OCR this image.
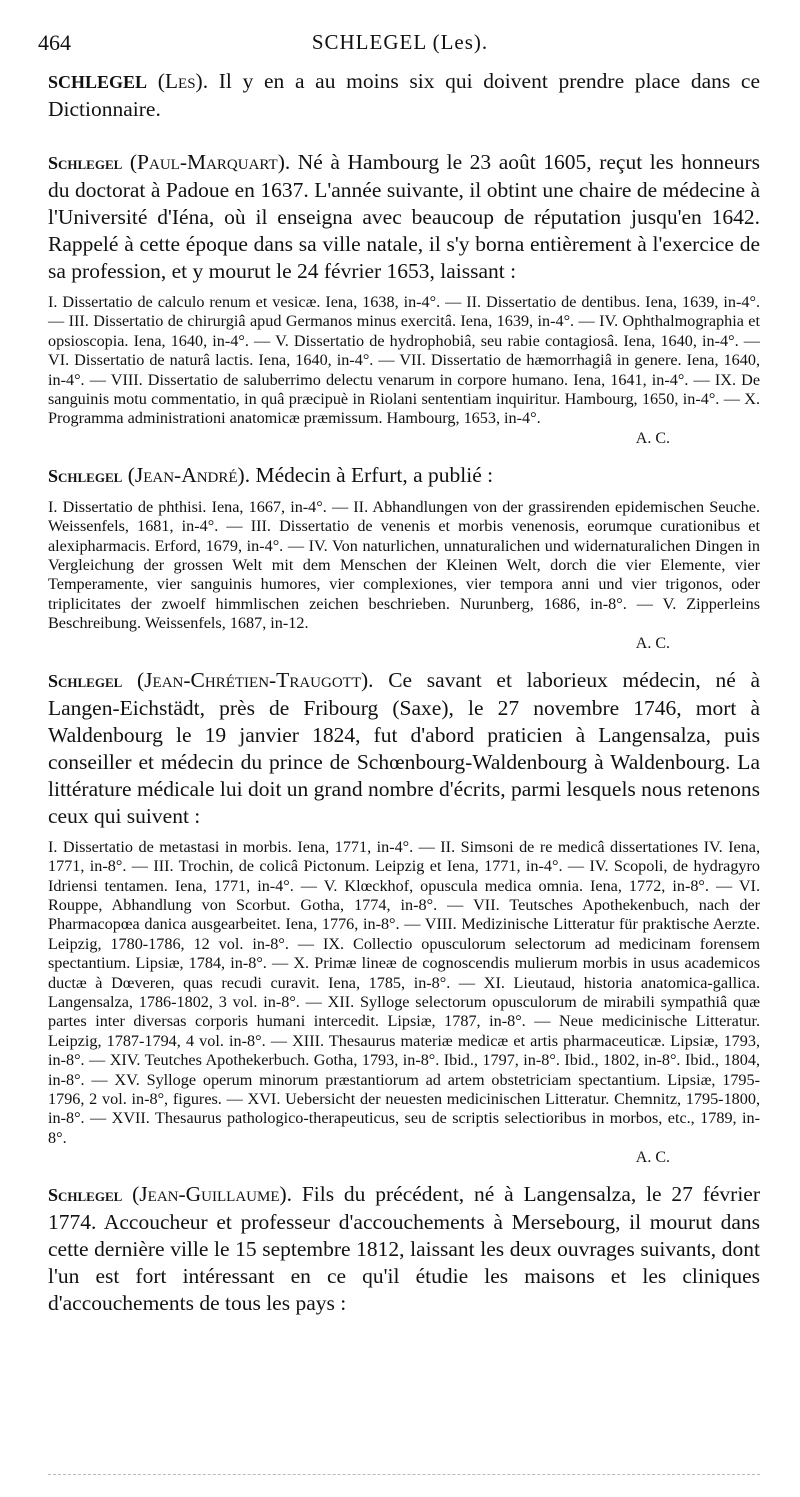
464	SCHLEGEL (Les).

SCHLEGEL (Les). Il y en a au moins six qui doivent prendre place dans ce Dictionnaire.

Schlegel (Paul-Marquart). Né à Hambourg le 23 août 1605, reçut les honneurs du doctorat à Padoue en 1637. L'année suivante, il obtint une chaire de médecine à l'Université d'Iéna, où il enseigna avec beaucoup de réputation jusqu'en 1642. Rappelé à cette époque dans sa ville natale, il s'y borna entièrement à l'exercice de sa profession, et y mourut le 24 février 1653, laissant :

I. Dissertatio de calculo renum et vesicæ. Iena, 1638, in-4°. — II. Dissertatio de dentibus. Iena, 1639, in-4°. — III. Dissertatio de chirurgiâ apud Germanos minus exercitâ. Iena, 1639, in-4°. — IV. Ophthalmographia et opsioscopia. Iena, 1640, in-4°. — V. Dissertatio de hydrophobiâ, seu rabie contagiosâ. Iena, 1640, in-4°. — VI. Dissertatio de naturâ lactis. Iena, 1640, in-4°. — VII. Dissertatio de hæmorrhagiâ in genere. Iena, 1640, in-4°. — VIII. Dissertatio de saluberrimo delectu venarum in corpore humano. Iena, 1641, in-4°. — IX. De sanguinis motu commentatio, in quâ præcipuè in Riolani sententiam inquiritur. Hambourg, 1650, in-4°. — X. Programma administrationi anatomicæ præmissum. Hambourg, 1653, in-4°.

A. C.

Schlegel (Jean-André). Médecin à Erfurt, a publié :

I. Dissertatio de phthisi. Iena, 1667, in-4°. — II. Abhandlungen von der grassirenden epidemischen Seuche. Weissenfels, 1681, in-4°. — III. Dissertatio de venenis et morbis venenosis, eorumque curationibus et alexipharmacis. Erford, 1679, in-4°. — IV. Von naturlichen, unnaturalichen und widernaturalichen Dingen in Vergleichung der grossen Welt mit dem Menschen der Kleinen Welt, dorch die vier Elemente, vier Temperamente, vier sanguinis humores, vier complexiones, vier tempora anni und vier trigonos, oder triplicitates der zwoelf himmlischen zeichen beschrieben. Nurunberg, 1686, in-8°. — V. Zipperleins Beschreibung. Weissenfels, 1687, in-12.

A. C.

Schlegel (Jean-Chrétien-Traugott). Ce savant et laborieux médecin, né à Langen-Eichstädt, près de Fribourg (Saxe), le 27 novembre 1746, mort à Waldenbourg le 19 janvier 1824, fut d'abord praticien à Langensalza, puis conseiller et médecin du prince de Schœnbourg-Waldenbourg à Waldenbourg. La littérature médicale lui doit un grand nombre d'écrits, parmi lesquels nous retenons ceux qui suivent :

I. Dissertatio de metastasi in morbis. Iena, 1771, in-4°. — II. Simsoni de re medicâ dissertationes IV. Iena, 1771, in-8°. — III. Trochin, de colicâ Pictonum. Leipzig et Iena, 1771, in-4°. — IV. Scopoli, de hydragyro Idriensi tentamen. Iena, 1771, in-4°. — V. Klœckhof, opuscula medica omnia. Iena, 1772, in-8°. — VI. Rouppe, Abhandlung von Scorbut. Gotha, 1774, in-8°. — VII. Teutsches Apothekenbuch, nach der Pharmacopœa danica ausgearbeitet. Iena, 1776, in-8°. — VIII. Medizinische Litteratur für praktische Aerzte. Leipzig, 1780-1786, 12 vol. in-8°. — IX. Collectio opusculorum selectorum ad medicinam forensem spectantium. Lipsiæ, 1784, in-8°. — X. Primæ lineæ de cognoscendis mulierum morbis in usus academicos ductæ à Dœveren, quas recudi curavit. Iena, 1785, in-8°. — XI. Lieutaud, historia anatomica-gallica. Langensalza, 1786-1802, 3 vol. in-8°. — XII. Sylloge selectorum opusculorum de mirabili sympathiâ quæ partes inter diversas corporis humani intercedit. Lipsiæ, 1787, in-8°. — Neue medicinische Litteratur. Leipzig, 1787-1794, 4 vol. in-8°. — XIII. Thesaurus materiæ medicæ et artis pharmaceuticæ. Lipsiæ, 1793, in-8°. — XIV. Teutches Apothekerbuch. Gotha, 1793, in-8°. Ibid., 1797, in-8°. Ibid., 1802, in-8°. Ibid., 1804, in-8°. — XV. Sylloge operum minorum præstantiorum ad artem obstetriciam spectantium. Lipsiæ, 1795-1796, 2 vol. in-8°, figures. — XVI. Uebersicht der neuesten medicinischen Litteratur. Chemnitz, 1795-1800, in-8°. — XVII. Thesaurus pathologico-therapeuticus, seu de scriptis selectioribus in morbos, etc., 1789, in-8°.

A. C.

Schlegel (Jean-Guillaume). Fils du précédent, né à Langensalza, le 27 février 1774. Accoucheur et professeur d'accouchements à Mersebourg, il mourut dans cette dernière ville le 15 septembre 1812, laissant les deux ouvrages suivants, dont l'un est fort intéressant en ce qu'il étudie les maisons et les cliniques d'accouchements de tous les pays :
